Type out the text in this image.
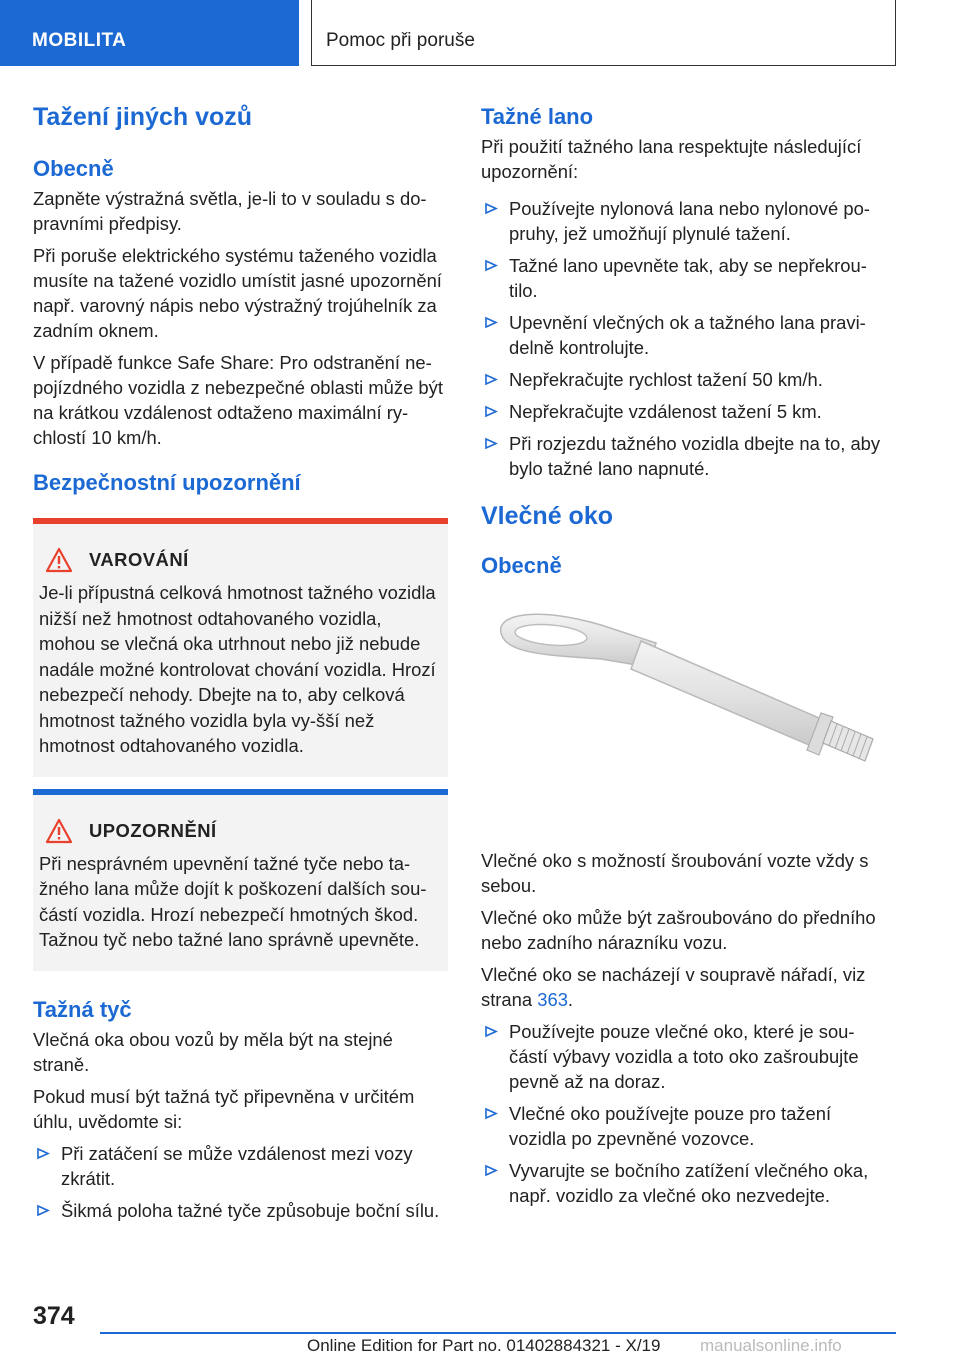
MOBILITA	Pomoc při poruše
Tažení jiných vozů
Obecně

Zapněte výstražná světla, je-li to v souladu s do-pravními předpisy.

Při poruše elektrického systému taženého vozidla musíte na tažené vozidlo umístit jasné upozornění např. varovný nápis nebo výstražný trojúhelník za zadním oknem.

V případě funkce Safe Share: Pro odstranění ne-pojízdného vozidla z nebezpečné oblasti může být na krátkou vzdálenost odtaženo maximální ry-chlostí 10 km/h.

Bezpečnostní upozornění
VAROVÁNÍ

Je-li přípustná celková hmotnost tažného vozidla nižší než hmotnost odtahovaného vozidla, mohou se vlečná oka utrhnout nebo již nebude nadále možné kontrolovat chování vozidla. Hrozí nebezpečí nehody. Dbejte na to, aby celková hmotnost tažného vozidla byla vy-šší než hmotnost odtahovaného vozidla.

UPOZORNĚNÍ

Při nesprávném upevnění tažné tyče nebo ta-žného lana může dojít k poškození dalších sou-částí vozidla. Hrozí nebezpečí hmotných škod. Tažnou tyč nebo tažné lano správně upevněte.

Tažná tyč

Vlečná oka obou vozů by měla být na stejné straně.

Pokud musí být tažná tyč připevněna v určitém úhlu, uvědomte si:

Při zatáčení se může vzdálenost mezi vozy zkrátit.
Šikmá poloha tažné tyče způsobuje boční sílu.
Tažné lano

Při použití tažného lana respektujte následující upozornění:

Používejte nylonová lana nebo nylonové po-pruhy, jež umožňují plynulé tažení.
Tažné lano upevněte tak, aby se nepřekrou-tilo.
Upevnění vlečných ok a tažného lana pravi-delně kontrolujte.
Nepřekračujte rychlost tažení 50 km/h.
Nepřekračujte vzdálenost tažení 5 km.
Při rozjezdu tažného vozidla dbejte na to, aby bylo tažné lano napnuté.
Vlečné oko
Obecně

Vlečné oko s možností šroubování vozte vždy s sebou.

Vlečné oko může být zašroubováno do předního nebo zadního nárazníku vozu.

Vlečné oko se nacházejí v soupravě nářadí, viz strana 363.

Používejte pouze vlečné oko, které je sou-částí výbavy vozidla a toto oko zašroubujte pevně až na doraz.
Vlečné oko používejte pouze pro tažení vozidla po zpevněné vozovce.
Vyvarujte se bočního zatížení vlečného oka, např. vozidlo za vlečné oko nezvedejte.
374
Online Edition for Part no. 01402884321 - X/19 manualsonline.info
